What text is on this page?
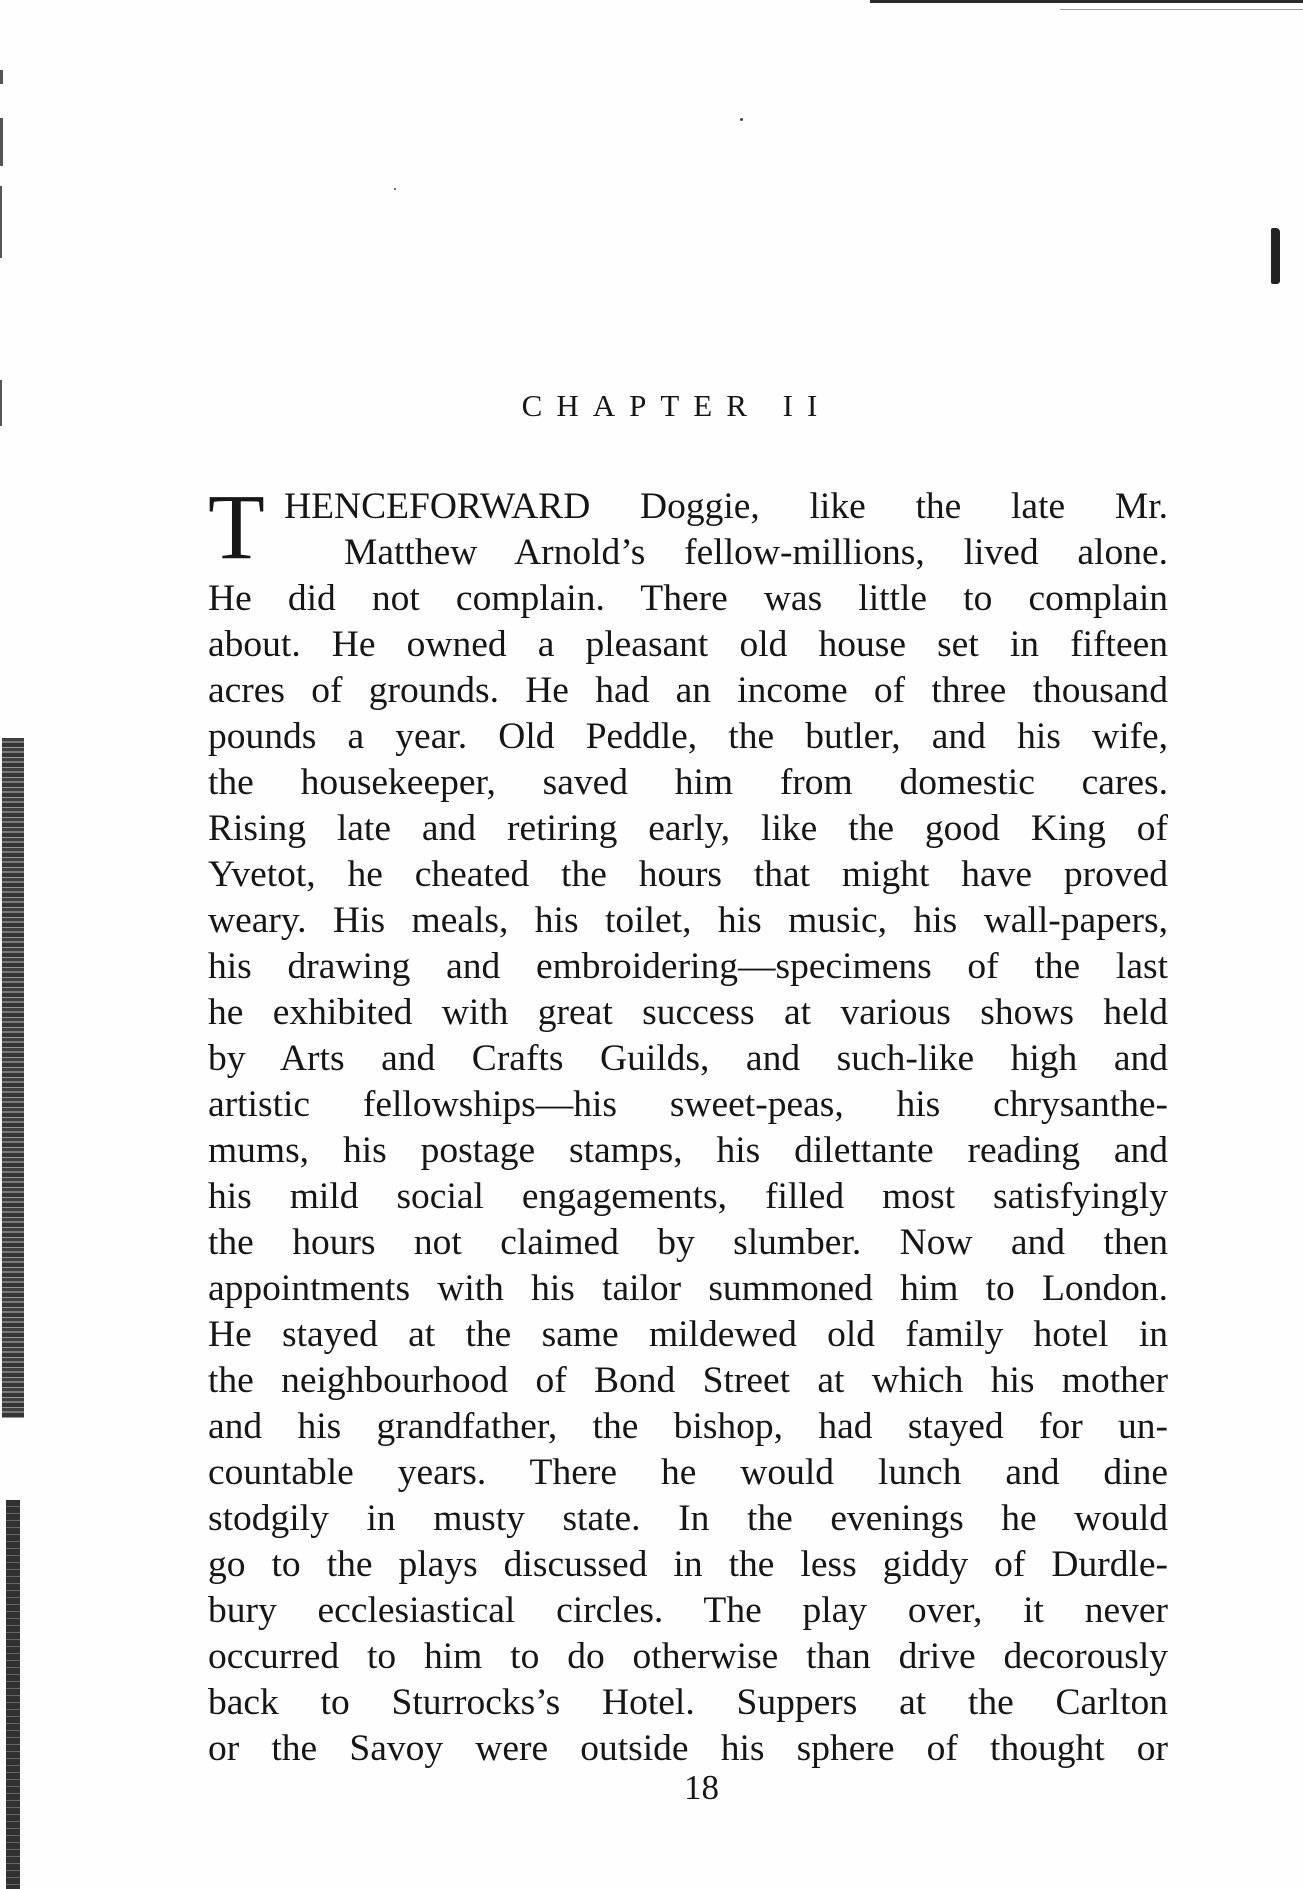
CHAPTER II
T HENCEFORWARD Doggie, like the late Mr.
Matthew Arnold’s fellow-millions, lived alone.
He did not complain. There was little to complain
about. He owned a pleasant old house set in fifteen
acres of grounds. He had an income of three thousand
pounds a year. Old Peddle, the butler, and his wife,
the housekeeper, saved him from domestic cares.
Rising late and retiring early, like the good King of
Yvetot, he cheated the hours that might have proved
weary. His meals, his toilet, his music, his wall-papers,
his drawing and embroidering—specimens of the last
he exhibited with great success at various shows held
by Arts and Crafts Guilds, and such-like high and
artistic fellowships—his sweet-peas, his chrysanthe-
mums, his postage stamps, his dilettante reading and
his mild social engagements, filled most satisfyingly
the hours not claimed by slumber. Now and then
appointments with his tailor summoned him to London.
He stayed at the same mildewed old family hotel in
the neighbourhood of Bond Street at which his mother
and his grandfather, the bishop, had stayed for un-
countable years. There he would lunch and dine
stodgily in musty state. In the evenings he would
go to the plays discussed in the less giddy of Durdle-
bury ecclesiastical circles. The play over, it never
occurred to him to do otherwise than drive decorously
back to Sturrocks’s Hotel. Suppers at the Carlton
or the Savoy were outside his sphere of thought or
18
